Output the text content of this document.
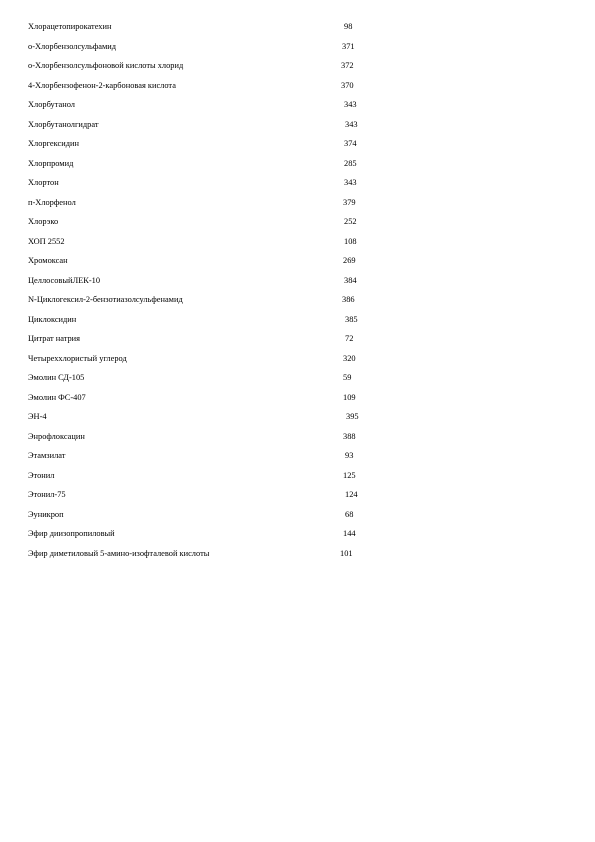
Хлорацетопирокатехин	98
о-Хлорбензолсульфамид	371
о-Хлорбензолсульфоновой кислоты хлорид	372
4-Хлорбензофенон-2-карбоновая кислота	370
Хлорбутанол	343
Хлорбутанолгидрат	343
Хлоргексидин	374
Хлорпромид	285
Хлортон	343
п-Хлорфенол	379
Хлорэко	252
ХОП 2552	108
Хромоксан	269
ЦеллосовыйЛЕК-10	384
N-Циклогексил-2-бензотиазолсульфенамид	386
Циклоксидин	385
Цитрат натрия	72
Четыреххлористый углерод	320
Эмолин СД-105	59
Эмолин ФС-407	109
ЭН-4	395
Энрофлоксацин	388
Этамзилат	93
Этонил	125
Этонил-75	124
Эуникроп	68
Эфир диизопропиловый	144
Эфир диметиловый 5-амино-изофталевой кислоты	101
